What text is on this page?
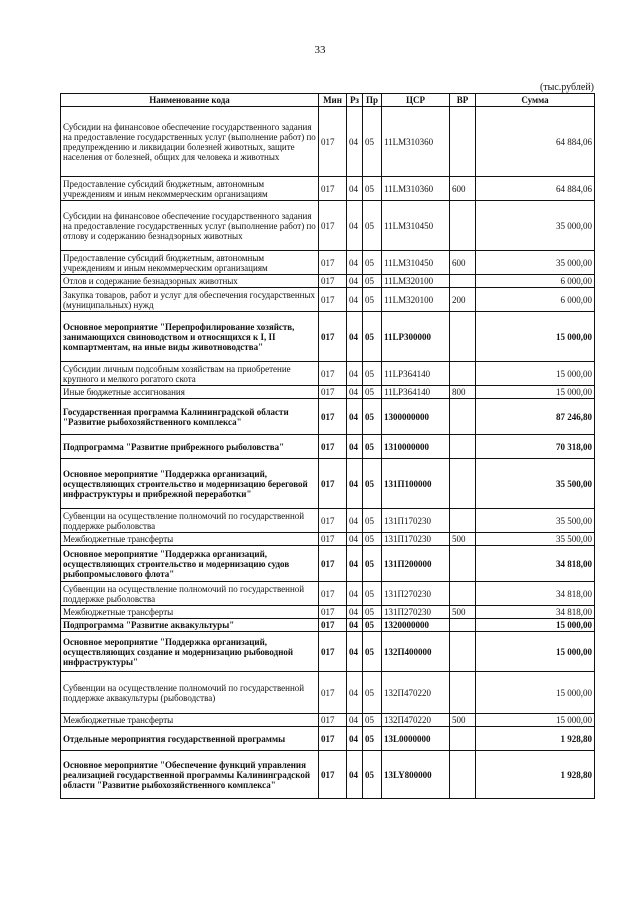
33
(тыс.рублей)
Наименование кода	Мин	Рз	Пр	ЦСР	ВР	Сумма
Субсидии на финансовое обеспечение государственного задания на предоставление государственных услуг (выполнение работ) по предупреждению и ликвидации болезней животных, защите населения от болезней, общих для человека и животных	017	04	05	11LM310360		64 884,06
Предоставление субсидий бюджетным, автономным учреждениям и иным некоммерческим организациям	017	04	05	11LM310360	600	64 884,06
Субсидии на финансовое обеспечение государственного задания на предоставление государственных услуг (выполнение работ) по отлову и содержанию безнадзорных животных	017	04	05	11LM310450		35 000,00
Предоставление субсидий бюджетным, автономным учреждениям и иным некоммерческим организациям	017	04	05	11LM310450	600	35 000,00
Отлов и содержание безнадзорных животных	017	04	05	11LM320100		6 000,00
Закупка товаров, работ и услуг для обеспечения государственных (муниципальных) нужд	017	04	05	11LM320100	200	6 000,00
Основное мероприятие "Перепрофилирование хозяйств, занимающихся свиноводством и относящихся к I, II компартментам, на иные виды животноводства"	017	04	05	11LP300000		15 000,00
Субсидии личным подсобным хозяйствам на приобретение крупного и мелкого рогатого скота	017	04	05	11LP364140		15 000,00
Иные бюджетные ассигнования	017	04	05	11LP364140	800	15 000,00
Государственная программа Калининградской области "Развитие рыбохозяйственного комплекса"	017	04	05	1300000000		87 246,80
Подпрограмма "Развитие прибрежного рыболовства"	017	04	05	1310000000		70 318,00
Основное мероприятие "Поддержка организаций, осуществляющих строительство и модернизацию береговой инфраструктуры и прибрежной переработки"	017	04	05	131П100000		35 500,00
Субвенции на осуществление полномочий по государственной поддержке рыболовства	017	04	05	131П170230		35 500,00
Межбюджетные трансферты	017	04	05	131П170230	500	35 500,00
Основное мероприятие "Поддержка организаций, осуществляющих строительство и модернизацию судов рыбопромыслового флота"	017	04	05	131П200000		34 818,00
Субвенции на осуществление полномочий по государственной поддержке рыболовства	017	04	05	131П270230		34 818,00
Межбюджетные трансферты	017	04	05	131П270230	500	34 818,00
Подпрограмма "Развитие аквакультуры"	017	04	05	1320000000		15 000,00
Основное мероприятие "Поддержка организаций, осуществляющих создание и модернизацию рыбоводной инфраструктуры"	017	04	05	132П400000		15 000,00
Субвенции на осуществление полномочий по государственной поддержке аквакультуры (рыбоводства)	017	04	05	132П470220		15 000,00
Межбюджетные трансферты	017	04	05	132П470220	500	15 000,00
Отдельные мероприятия государственной программы	017	04	05	13L0000000		1 928,80
Основное мероприятие "Обеспечение функций управления реализацией государственной программы Калининградской области "Развитие рыбохозяйственного комплекса"	017	04	05	13LY800000		1 928,80
